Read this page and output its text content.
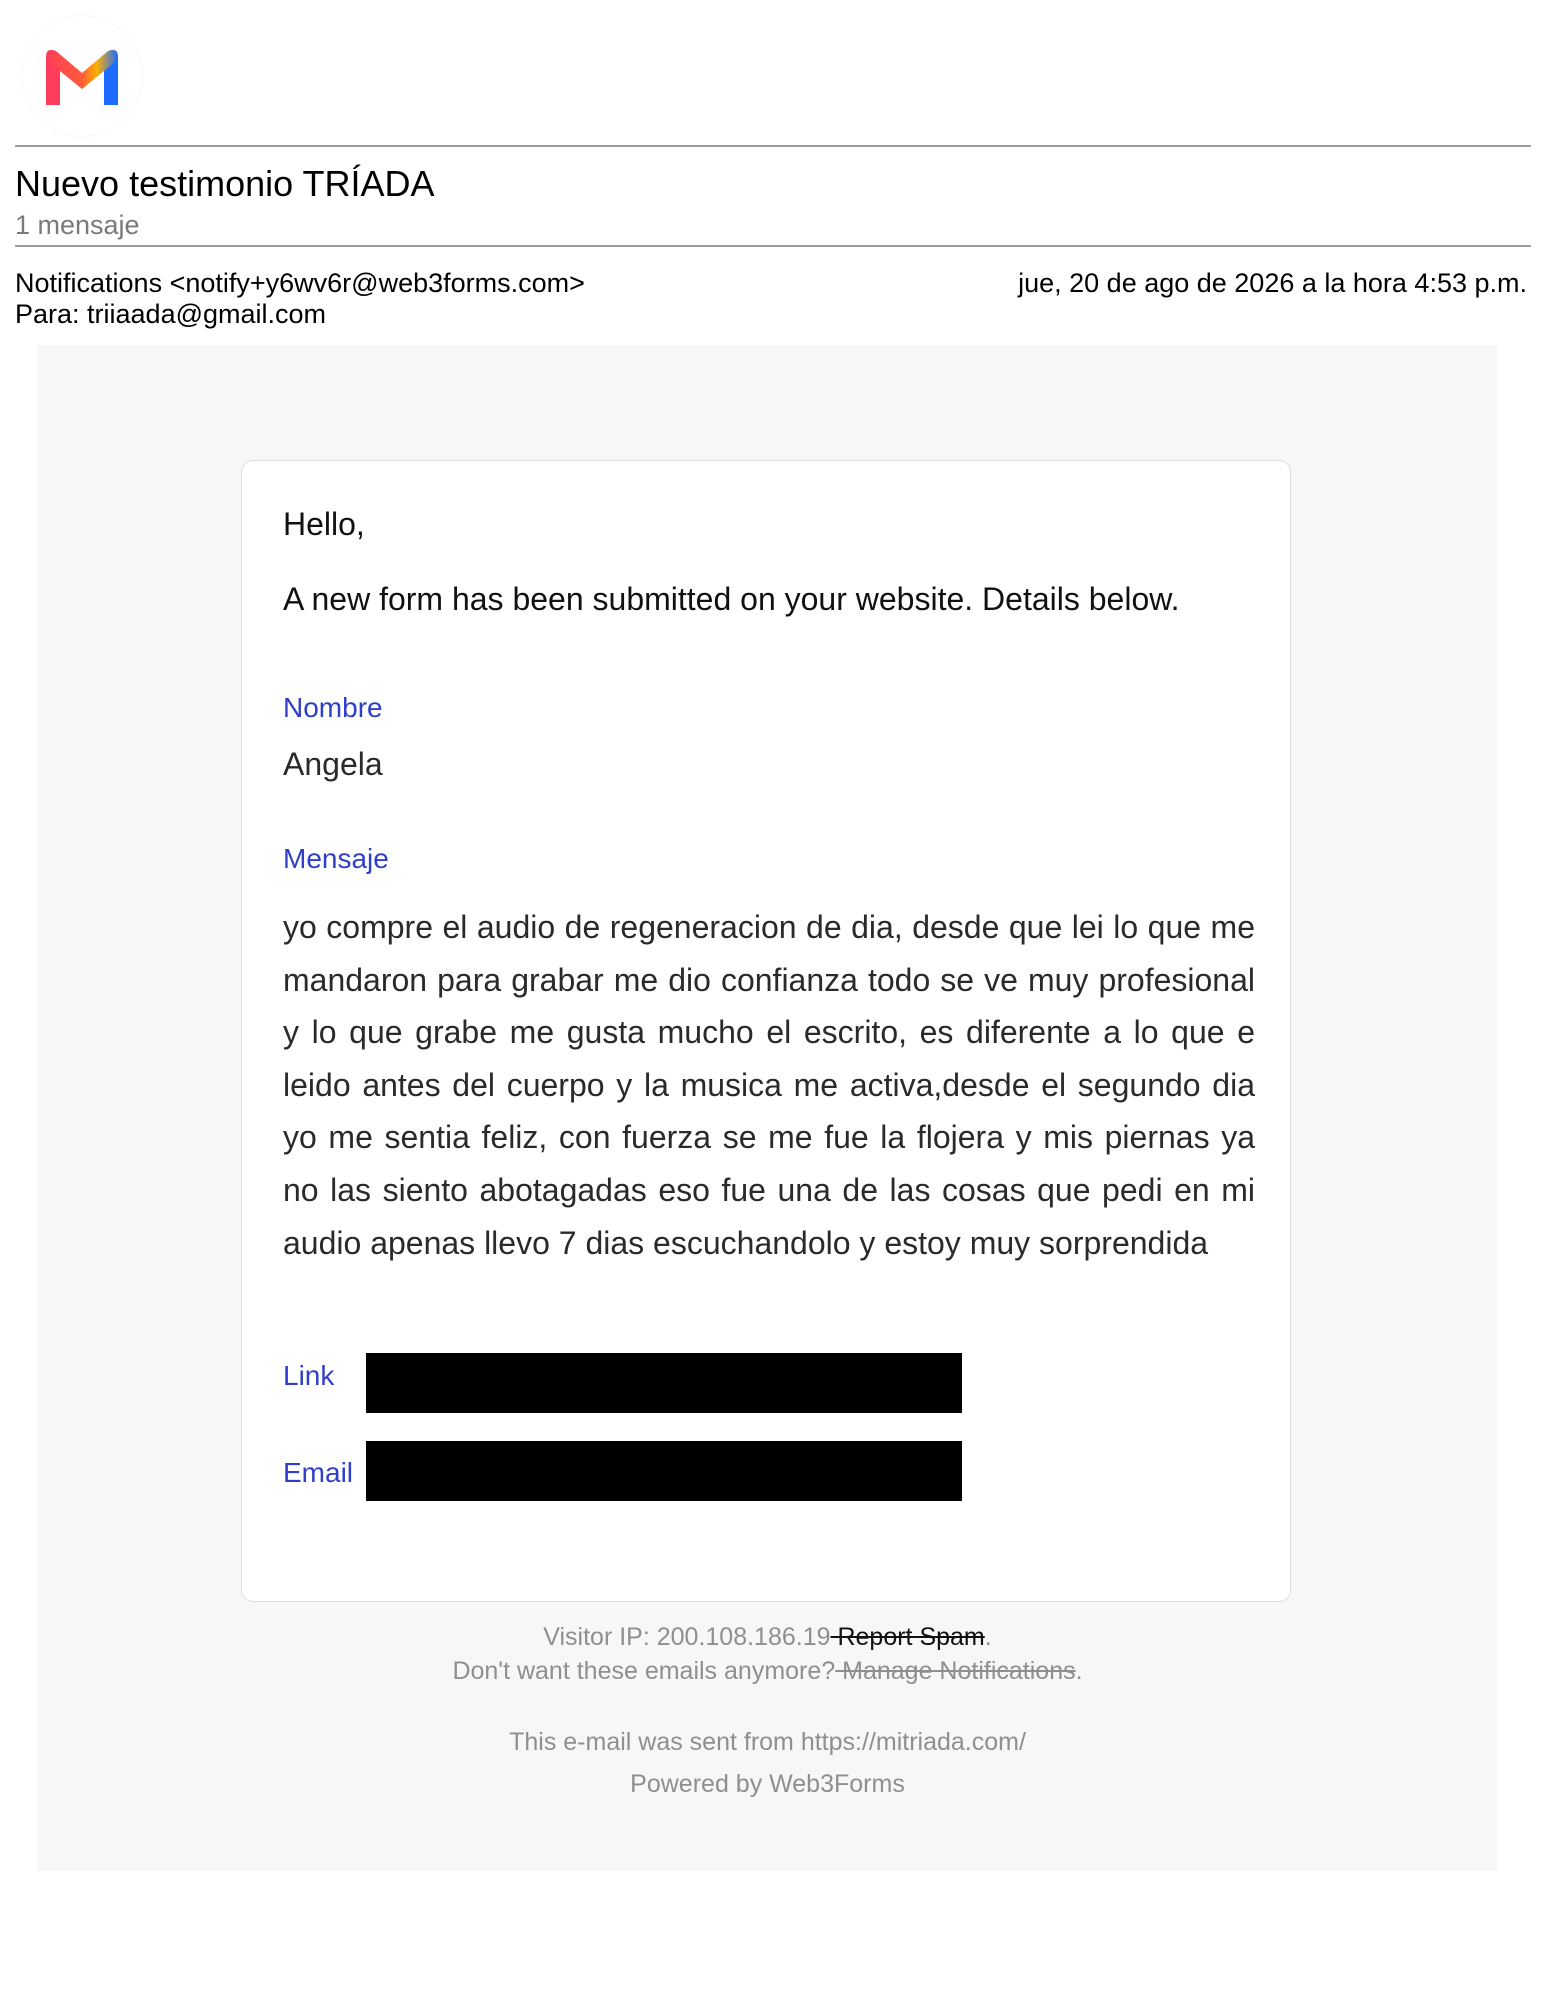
Nuevo testimonio TRÍADA
1 mensaje
Notifications <notify+y6wv6r@web3forms.com>
Para: triiaada@gmail.com
jue, 20 de ago de 2026 a la hora 4:53 p.m.
Hello,
A new form has been submitted on your website. Details below.
Nombre
Angela
Mensaje
yo compre el audio de regeneracion de dia, desde que lei lo que me mandaron para grabar me dio confianza todo se ve muy profesional y lo que grabe me gusta mucho el escrito, es diferente a lo que e leido antes del cuerpo y la musica me activa,desde el segundo dia yo me sentia feliz, con fuerza se me fue la flojera y mis piernas ya no las siento abotagadas eso fue una de las cosas que pedi en mi audio apenas llevo 7 dias escuchandolo y estoy muy sorprendida
Link
Email
Visitor IP: 200.108.186.19 Report Spam.
Don't want these emails anymore? Manage Notifications.
This e-mail was sent from https://mitriada.com/
Powered by Web3Forms
